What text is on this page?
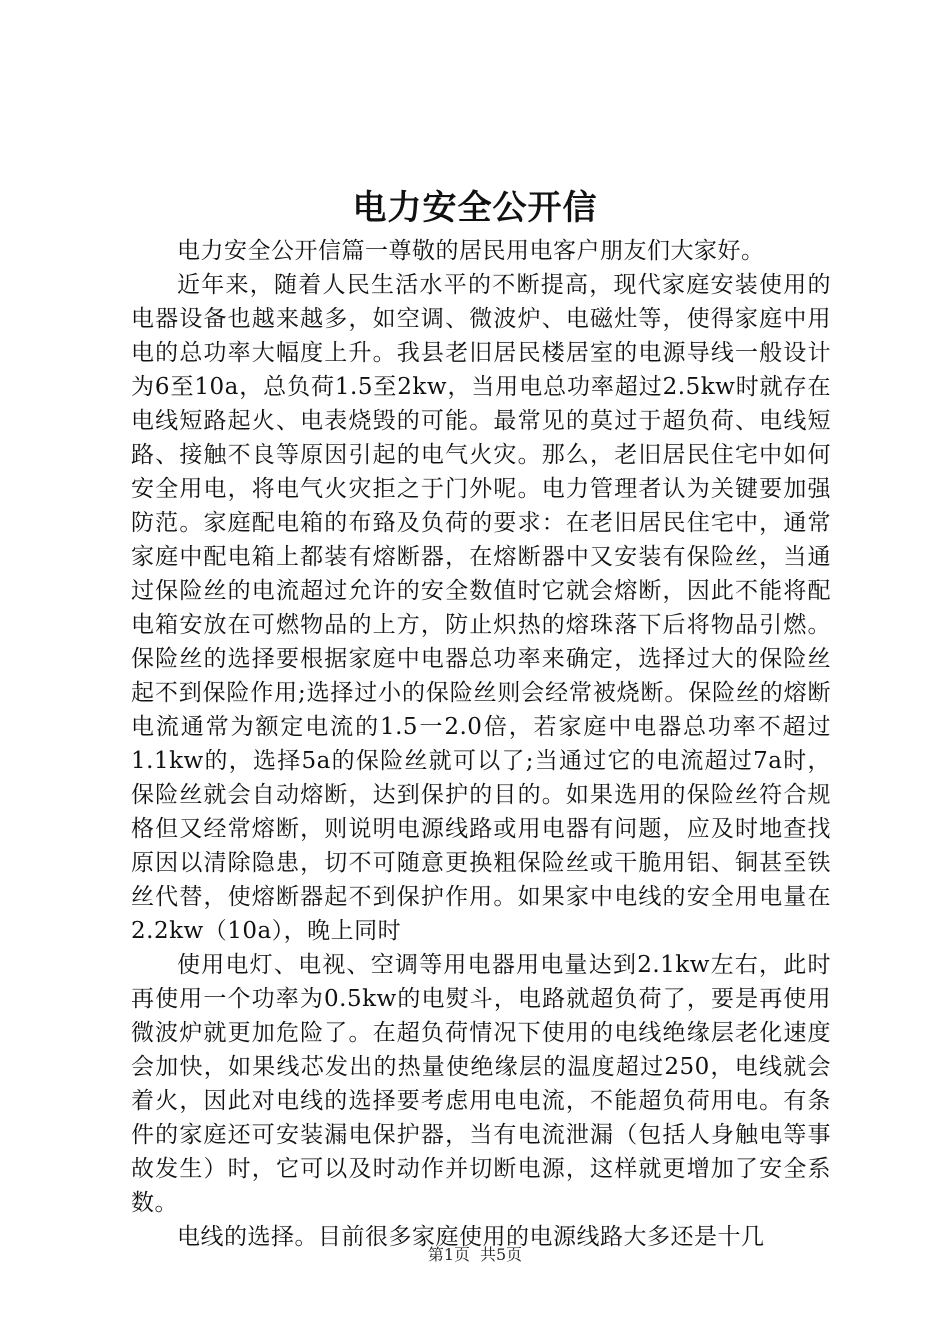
电力安全公开信

电力安全公开信篇一尊敬的居民用电客户朋友们大家好。

近年来，随着人民生活水平的不断提高，现代家庭安装使用的电器设备也越来越多，如空调、微波炉、电磁灶等，使得家庭中用电的总功率大幅度上升。我县老旧居民楼居室的电源导线一般设计为6至10a，总负荷1.5至2kw，当用电总功率超过2.5kw时就存在电线短路起火、电表烧毁的可能。最常见的莫过于超负荷、电线短路、接触不良等原因引起的电气火灾。那么，老旧居民住宅中如何安全用电，将电气火灾拒之于门外呢。电力管理者认为关键要加强防范。家庭配电箱的布臵及负荷的要求：在老旧居民住宅中，通常家庭中配电箱上都装有熔断器，在熔断器中又安装有保险丝，当通过保险丝的电流超过允许的安全数值时它就会熔断，因此不能将配电箱安放在可燃物品的上方，防止炽热的熔珠落下后将物品引燃。保险丝的选择要根据家庭中电器总功率来确定，选择过大的保险丝起不到保险作用;选择过小的保险丝则会经常被烧断。保险丝的熔断电流通常为额定电流的1.5一2.0倍，若家庭中电器总功率不超过1.1kw的，选择5a的保险丝就可以了;当通过它的电流超过7a时，保险丝就会自动熔断，达到保护的目的。如果选用的保险丝符合规格但又经常熔断，则说明电源线路或用电器有问题，应及时地查找原因以清除隐患，切不可随意更换粗保险丝或干脆用铝、铜甚至铁丝代替，使熔断器起不到保护作用。如果家中电线的安全用电量在2.2kw（10a），晚上同时

使用电灯、电视、空调等用电器用电量达到2.1kw左右，此时再使用一个功率为0.5kw的电熨斗，电路就超负荷了，要是再使用微波炉就更加危险了。在超负荷情况下使用的电线绝缘层老化速度会加快，如果线芯发出的热量使绝缘层的温度超过250，电线就会着火，因此对电线的选择要考虑用电电流，不能超负荷用电。有条件的家庭还可安装漏电保护器，当有电流泄漏（包括人身触电等事故发生）时，它可以及时动作并切断电源，这样就更增加了安全系数。

电线的选择。目前很多家庭使用的电源线路大多还是十几

第1页 共5页
